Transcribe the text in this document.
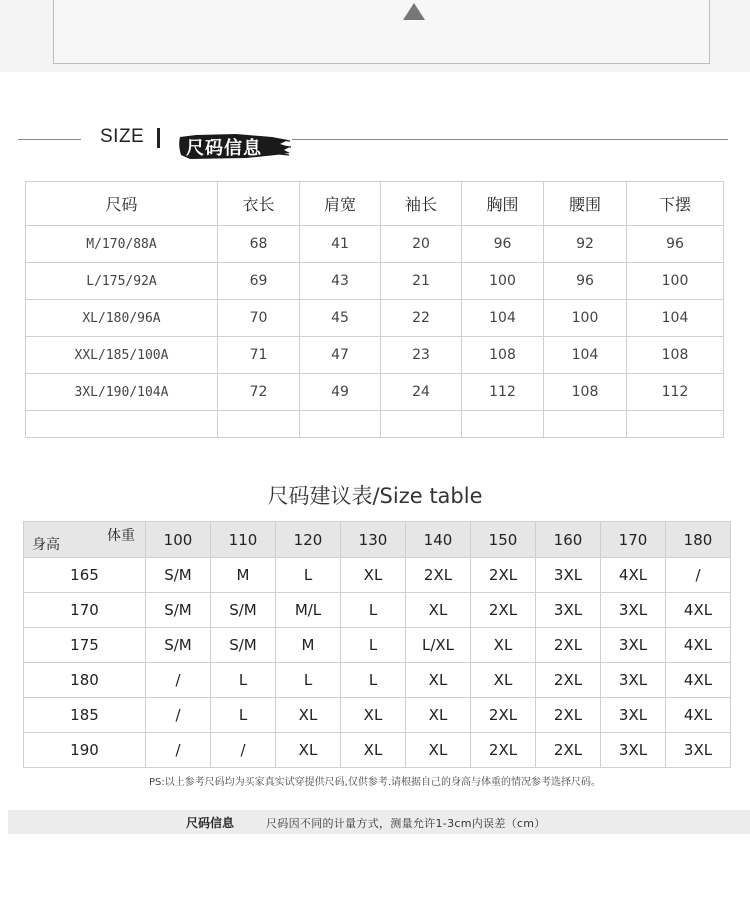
SIZE
尺码信息
尺码	衣长	肩宽	袖长	胸围	腰围	下摆
M/170/88A	68	41	20	96	92	96
L/175/92A	69	43	21	100	96	100
XL/180/96A	70	45	22	104	100	104
XXL/185/100A	71	47	23	108	104	108
3XL/190/104A	72	49	24	112	108	112

尺码建议表/Size table
体重
身高	100	110	120	130	140	150	160	170	180
165	S/M	M	L	XL	2XL	2XL	3XL	4XL	/
170	S/M	S/M	M/L	L	XL	2XL	3XL	3XL	4XL
175	S/M	S/M	M	L	L/XL	XL	2XL	3XL	4XL
180	/	L	L	L	XL	XL	2XL	3XL	4XL
185	/	L	XL	XL	XL	2XL	2XL	3XL	4XL
190	/	/	XL	XL	XL	2XL	2XL	3XL	3XL
PS:以上参考尺码均为买家真实试穿提供尺码,仅供参考.请根据自己的身高与体重的情况参考选择尺码。
尺码信息	尺码因不同的计量方式，测量允许1-3cm内误差（cm）
